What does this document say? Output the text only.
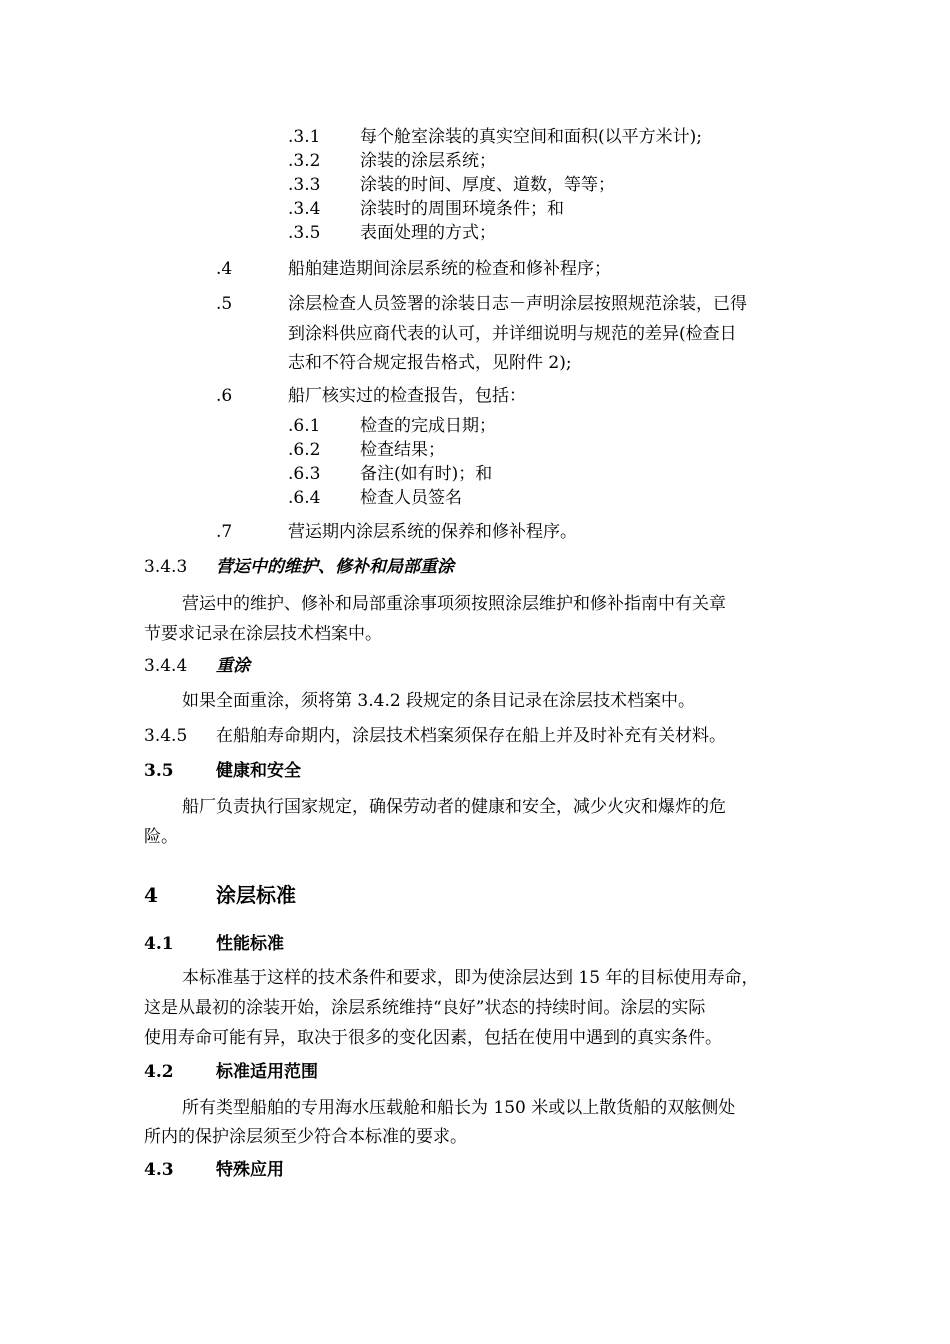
.3.1 每个舱室涂装的真实空间和面积(以平方米计);
.3.2 涂装的涂层系统；
.3.3 涂装的时间、厚度、道数，等等；
.3.4 涂装时的周围环境条件；和
.3.5 表面处理的方式；
.4	船舶建造期间涂层系统的检查和修补程序；
.5	涂层检查人员签署的涂装日志－声明涂层按照规范涂装，已得
到涂料供应商代表的认可，并详细说明与规范的差异(检查日
志和不符合规定报告格式，见附件 2);
.6	船厂核实过的检查报告，包括：
.6.1 检查的完成日期；
.6.2 检查结果；
.6.3 备注(如有时)；和
.6.4 检查人员签名
.7	营运期内涂层系统的保养和修补程序。
3.4.3 营运中的维护、修补和局部重涂
营运中的维护、修补和局部重涂事项须按照涂层维护和修补指南中有关章
节要求记录在涂层技术档案中。
3.4.4 重涂
如果全面重涂，须将第 3.4.2 段规定的条目记录在涂层技术档案中。
3.4.5 在船舶寿命期内，涂层技术档案须保存在船上并及时补充有关材料。
3.5 健康和安全
船厂负责执行国家规定，确保劳动者的健康和安全，减少火灾和爆炸的危
险。
4	涂层标准
4.1 性能标准
本标准基于这样的技术条件和要求，即为使涂层达到 15 年的目标使用寿命，
这是从最初的涂装开始，涂层系统维持“良好”状态的持续时间。涂层的实际
使用寿命可能有异，取决于很多的变化因素，包括在使用中遇到的真实条件。
4.2 标准适用范围
所有类型船舶的专用海水压载舱和船长为 150 米或以上散货船的双舷侧处
所内的保护涂层须至少符合本标准的要求。
4.3 特殊应用
